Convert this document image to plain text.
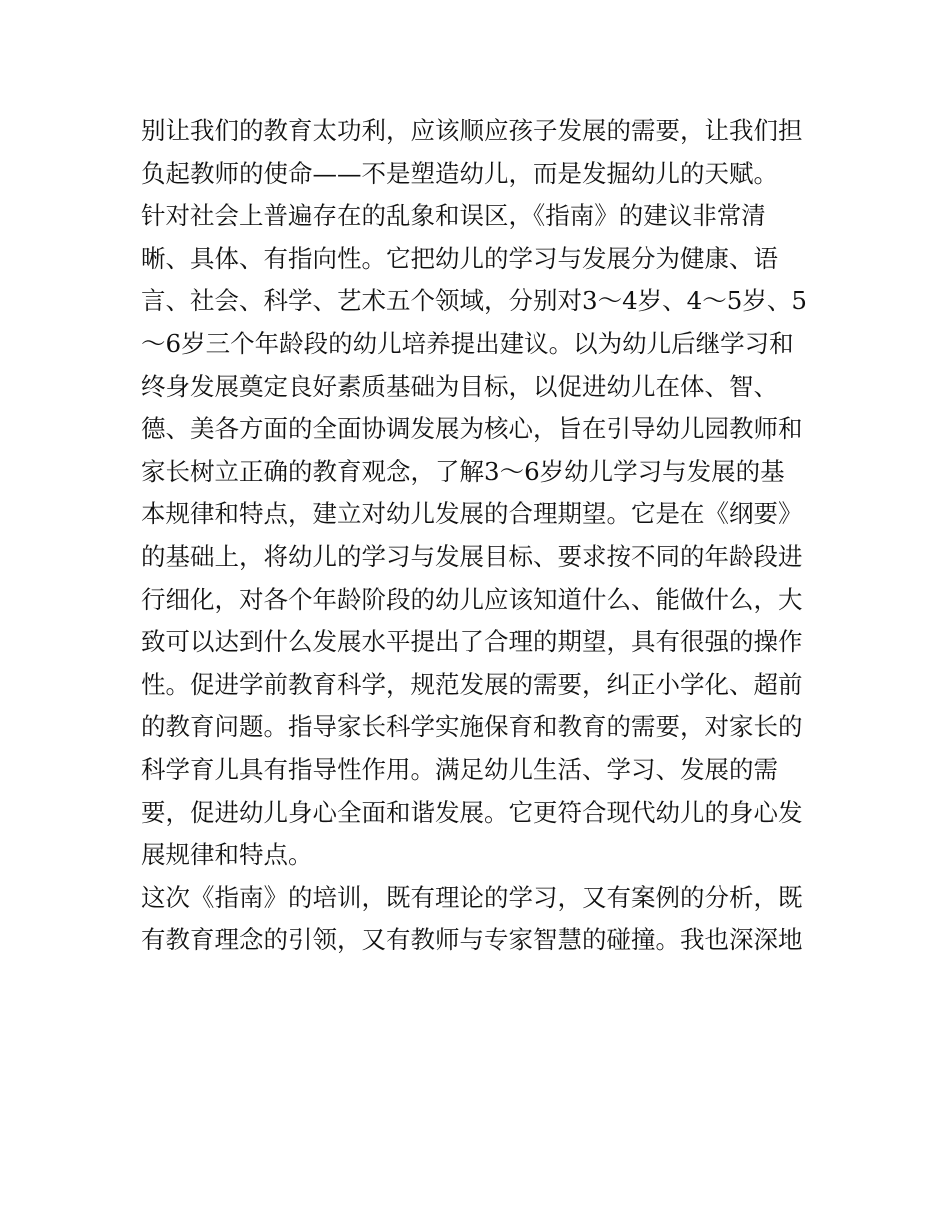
别让我们的教育太功利，应该顺应孩子发展的需要，让我们担
负起教师的使命——不是塑造幼儿，而是发掘幼儿的天赋。
针对社会上普遍存在的乱象和误区，《指南》的建议非常清
晰、具体、有指向性。它把幼儿的学习与发展分为健康、语
言、社会、科学、艺术五个领域，分别对3～4岁、4～5岁、5
～6岁三个年龄段的幼儿培养提出建议。以为幼儿后继学习和
终身发展奠定良好素质基础为目标，以促进幼儿在体、智、
德、美各方面的全面协调发展为核心，旨在引导幼儿园教师和
家长树立正确的教育观念，了解3～6岁幼儿学习与发展的基
本规律和特点，建立对幼儿发展的合理期望。它是在《纲要》
的基础上，将幼儿的学习与发展目标、要求按不同的年龄段进
行细化，对各个年龄阶段的幼儿应该知道什么、能做什么，大
致可以达到什么发展水平提出了合理的期望，具有很强的操作
性。促进学前教育科学，规范发展的需要，纠正小学化、超前
的教育问题。指导家长科学实施保育和教育的需要，对家长的
科学育儿具有指导性作用。满足幼儿生活、学习、发展的需
要，促进幼儿身心全面和谐发展。它更符合现代幼儿的身心发
展规律和特点。
这次《指南》的培训，既有理论的学习，又有案例的分析，既
有教育理念的引领，又有教师与专家智慧的碰撞。我也深深地
